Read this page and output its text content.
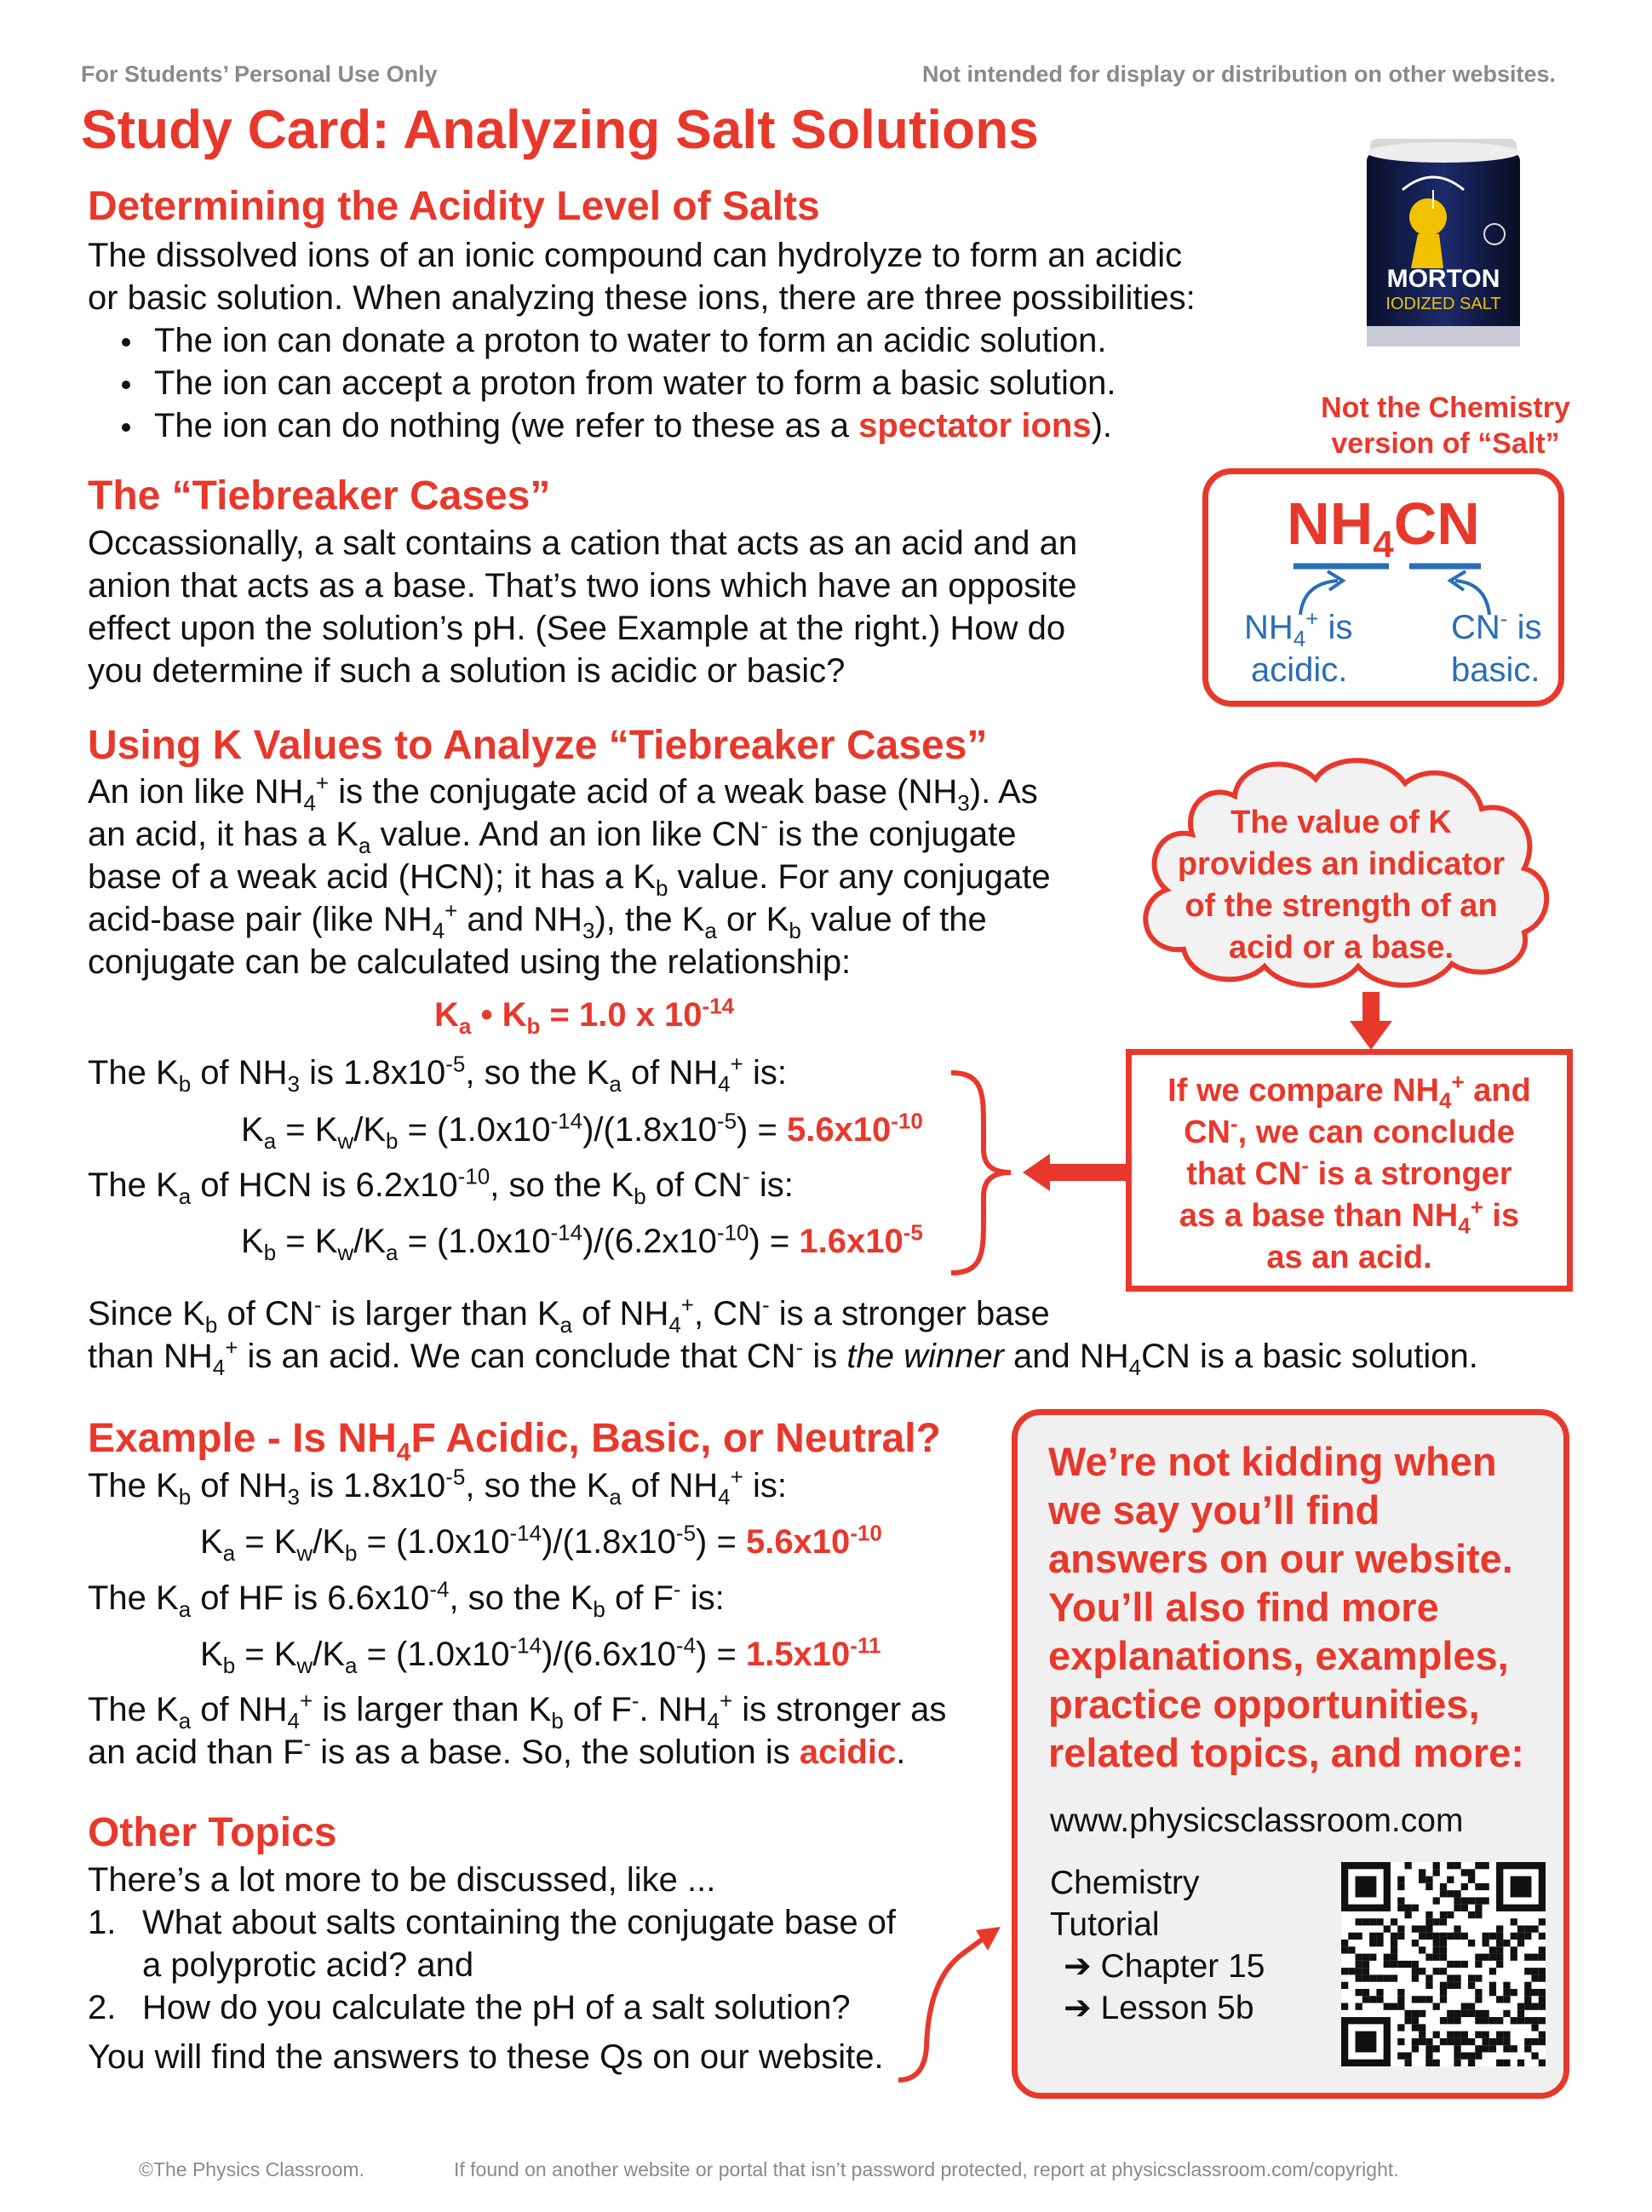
For Students’ Personal Use Only	Not intended for display or distribution on other websites.
Study Card: Analyzing Salt Solutions
MORTON
IODIZED SALT
Not the Chemistry version of “Salt”
Determining the Acidity Level of Salts
The dissolved ions of an ionic compound can hydrolyze to form an acidic
or basic solution. When analyzing these ions, there are three possibilities:
The ion can donate a proton to water to form an acidic solution.
The ion can accept a proton from water to form a basic solution.
The ion can do nothing (we refer to these as a spectator ions).
The “Tiebreaker Cases”
Occassionally, a salt contains a cation that acts as an acid and an
anion that acts as a base. That’s two ions which have an opposite
effect upon the solution’s pH. (See Example at the right.) How do
you determine if such a solution is acidic or basic?
$NH_4CN$
$NH_4^+$ is
acidic.
CN- is
basic.
Using K Values to Analyze “Tiebreaker Cases”
An ion like $NH_4^+$ is the conjugate acid of a weak base $(NH_3)$. As
an acid, it has a $K_a$ value. And an ion like CN- is the conjugate
base of a weak acid (HCN); it has a $K_b$ value. For any conjugate
acid-base pair (like $NH_4^+$ and $NH_3$), the $K_a$ or $K_b$ value of the
conjugate can be calculated using the relationship:
$K_a$ • $K_b = 1.0$ x $10^{-14}$
The $K_b$ of $NH_3$ is $1.8x10^{-5}$, so the $K_a$ of $NH_4^+$ is:
$K_a = K_w/K_b = (1.0x10^{-14})/(1.8x10^{-5}) = 5.6x10^{-10}$
The $K_a$ of HCN is $6.2x10^{-10}$, so the $K_b$ of CN- is:
$K_b = K_w/K_a = (1.0x10^{-14})/(6.2x10^{-10}) = 1.6x10^{-5}$
The value of K
provides an indicator
of the strength of an
acid or a base.
If we compare $NH_4^+$ and
CN-, we can conclude
that CN- is a stronger
as a base than $NH_4^+$ is
as an acid.
Since $K_b$ of CN- is larger than $K_a$ of $NH_4^+$, CN- is a stronger base
than $NH_4^+$ is an acid. We can conclude that CN- is the winner and $NH_4CN$ is a basic solution.
Example - Is $NH_4F$ Acidic, Basic, or Neutral?
The $K_b$ of $NH_3$ is $1.8x10^{-5}$, so the $K_a$ of $NH_4^+$ is:
$K_a = K_w/K_b = (1.0x10^{-14})/(1.8x10^{-5}) = 5.6x10^{-10}$
The $K_a$ of HF is $6.6x10^{-4}$, so the $K_b$ of F- is:
$K_b = K_w/K_a = (1.0x10^{-14})/(6.6x10^{-4}) = 1.5x10^{-11}$
The $K_a$ of $NH_4^+$ is larger than $K_b$ of F-. $NH_4^+$ is stronger as
an acid than F- is as a base. So, the solution is acidic.
Other Topics
There’s a lot more to be discussed, like ...
1. What about salts containing the conjugate base of
a polyprotic acid? and
2. How do you calculate the pH of a salt solution?
You will find the answers to these Qs on our website.
We’re not kidding when
we say you’ll find
answers on our website.
You’ll also find more
explanations, examples,
practice opportunities,
related topics, and more:
www.physicsclassroom.com
Chemistry
Tutorial
➔ Chapter 15
➔ Lesson 5b
©The Physics Classroom.	If found on another website or portal that isn’t password protected, report at physicsclassroom.com/copyright.
